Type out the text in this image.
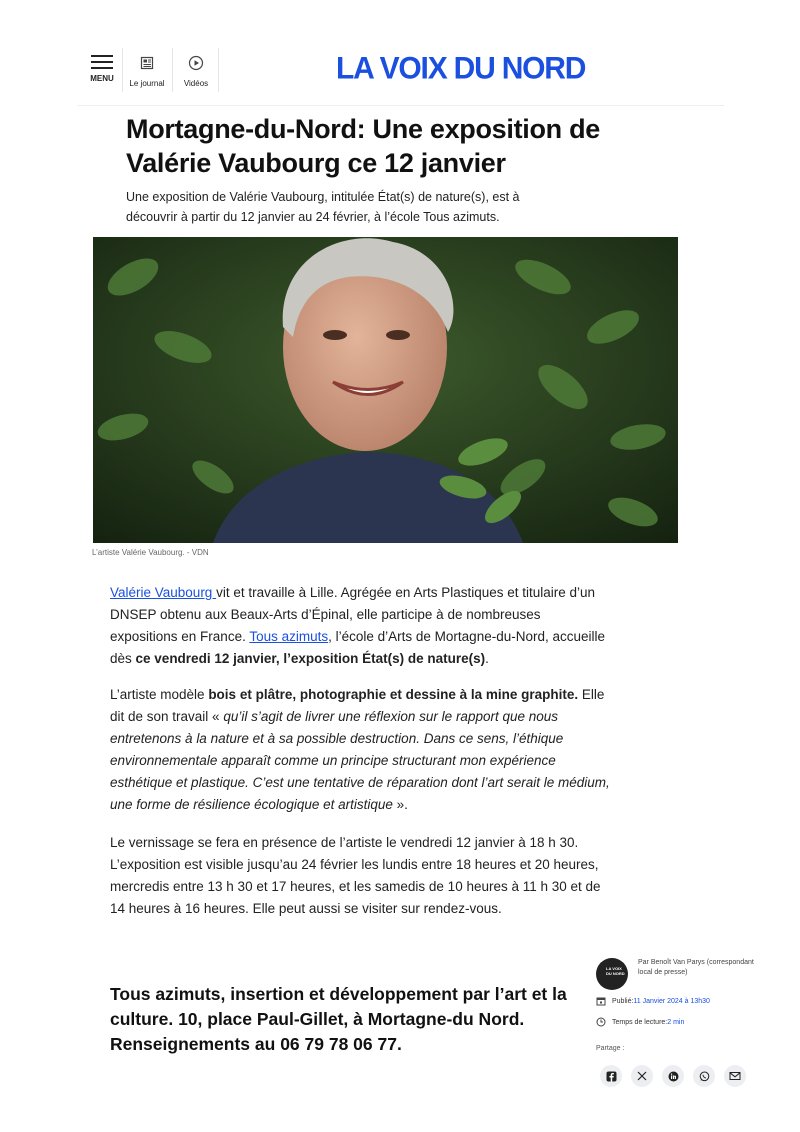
MENU
Le journal	Vidéos	LA VOIX DU NORD
Mortagne-du-Nord: Une exposition de Valérie Vaubourg ce 12 janvier

Une exposition de Valérie Vaubourg, intitulée État(s) de nature(s), est à découvrir à partir du 12 janvier au 24 février, à l’école Tous azimuts.

L’artiste Valérie Vaubourg. - VDN

Valérie Vaubourg vit et travaille à Lille. Agrégée en Arts Plastiques et titulaire d’un DNSEP obtenu aux Beaux-Arts d’Épinal, elle participe à de nombreuses expositions en France. Tous azimuts, l’école d’Arts de Mortagne-du-Nord, accueille dès ce vendredi 12 janvier, l’exposition État(s) de nature(s).

L’artiste modèle bois et plâtre, photographie et dessine à la mine graphite. Elle dit de son travail « qu’il s’agit de livrer une réflexion sur le rapport que nous entretenons à la nature et à sa possible destruction. Dans ce sens, l’éthique environnementale apparaît comme un principe structurant mon expérience esthétique et plastique. C’est une tentative de réparation dont l’art serait le médium, une forme de résilience écologique et artistique ».

Le vernissage se fera en présence de l’artiste le vendredi 12 janvier à 18 h 30. L’exposition est visible jusqu’au 24 février les lundis entre 18 heures et 20 heures, mercredis entre 13 h 30 et 17 heures, et les samedis de 10 heures à 11 h 30 et de 14 heures à 16 heures. Elle peut aussi se visiter sur rendez-vous.

Tous azimuts, insertion et développement par l’art et la culture. 10, place Paul-Gillet, à Mortagne-du Nord. Renseignements au 06 79 78 06 77.

LA VOIX DU NORD
Par Benoît Van Parys (correspondant local de presse)
Publié:11 Janvier 2024 à 13h30
Temps de lecture:2 min
Partage :
